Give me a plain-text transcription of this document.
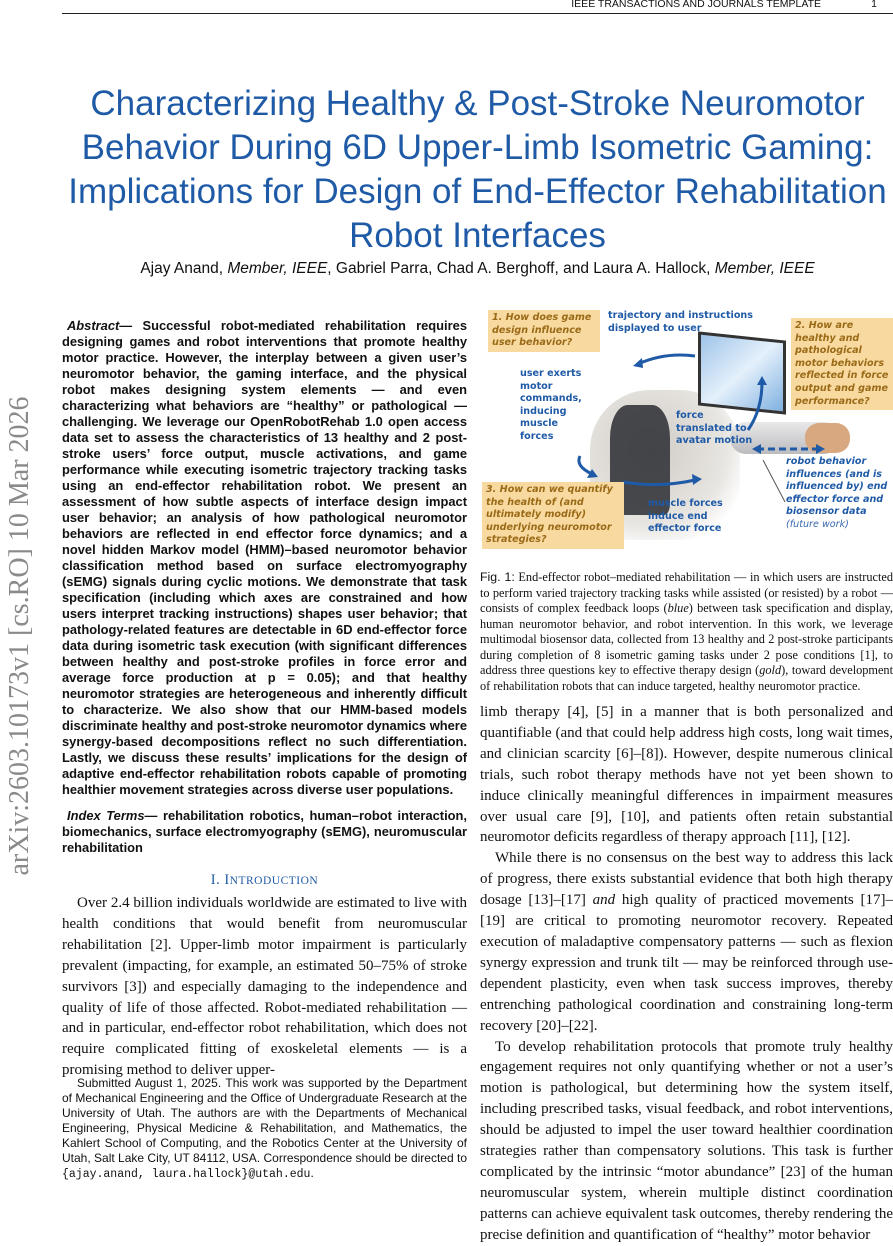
IEEE TRANSACTIONS AND JOURNALS TEMPLATE	1
arXiv:2603.10173v1 [cs.RO] 10 Mar 2026
Characterizing Healthy & Post-Stroke Neuromotor Behavior During 6D Upper-Limb Isometric Gaming: Implications for Design of End-Effector Rehabilitation Robot Interfaces
Ajay Anand, Member, IEEE, Gabriel Parra, Chad A. Berghoff, and Laura A. Hallock, Member, IEEE

Abstract— Successful robot-mediated rehabilitation requires designing games and robot interventions that promote healthy motor practice. However, the interplay between a given user’s neuromotor behavior, the gaming interface, and the physical robot makes designing system elements — and even characterizing what behaviors are “healthy” or pathological — challenging. We leverage our OpenRobotRehab 1.0 open access data set to assess the characteristics of 13 healthy and 2 post-stroke users’ force output, muscle activations, and game performance while executing isometric trajectory tracking tasks using an end-effector rehabilitation robot. We present an assessment of how subtle aspects of interface design impact user behavior; an analysis of how pathological neuromotor behaviors are reflected in end effector force dynamics; and a novel hidden Markov model (HMM)–based neuromotor behavior classification method based on surface electromyography (sEMG) signals during cyclic motions. We demonstrate that task specification (including which axes are constrained and how users interpret tracking instructions) shapes user behavior; that pathology-related features are detectable in 6D end-effector force data during isometric task execution (with significant differences between healthy and post-stroke profiles in force error and average force production at p = 0.05); and that healthy neuromotor strategies are heterogeneous and inherently difficult to characterize. We also show that our HMM-based models discriminate healthy and post-stroke neuromotor dynamics where synergy-based decompositions reflect no such differentiation. Lastly, we discuss these results’ implications for the design of adaptive end-effector rehabilitation robots capable of promoting healthier movement strategies across diverse user populations.

Index Terms— rehabilitation robotics, human–robot interaction, biomechanics, surface electromyography (sEMG), neuromuscular rehabilitation

I. INTRODUCTION

Over 2.4 billion individuals worldwide are estimated to live with health conditions that would benefit from neuromuscular rehabilitation [2]. Upper-limb motor impairment is particularly prevalent (impacting, for example, an estimated 50–75% of stroke survivors [3]) and especially damaging to the independence and quality of life of those affected. Robot-mediated rehabilitation — and in particular, end-effector robot rehabilitation, which does not require complicated fitting of exoskeletal elements — is a promising method to deliver upper-

Submitted August 1, 2025. This work was supported by the Department of Mechanical Engineering and the Office of Undergraduate Research at the University of Utah. The authors are with the Departments of Mechanical Engineering, Physical Medicine & Rehabilitation, and Mathematics, the Kahlert School of Computing, and the Robotics Center at the University of Utah, Salt Lake City, UT 84112, USA. Correspondence should be directed to {ajay.anand, laura.hallock}@utah.edu.
1. How does game design influence user behavior?
2. How are healthy and pathological motor behaviors reflected in force output and game performance?
3. How can we quantify the health of (and ultimately modify) underlying neuromotor strategies?
trajectory and instructions displayed to user
user exerts motor commands, inducing muscle forces
force translated to avatar motion
muscle forces induce end effector force
robot behavior influences (and is influenced by) end effector force and biosensor data
(future work)

Fig. 1: End-effector robot–mediated rehabilitation — in which users are instructed to perform varied trajectory tracking tasks while assisted (or resisted) by a robot — consists of complex feedback loops (blue) between task specification and display, human neuromotor behavior, and robot intervention. In this work, we leverage multimodal biosensor data, collected from 13 healthy and 2 post-stroke participants during completion of 8 isometric gaming tasks under 2 pose conditions [1], to address three questions key to effective therapy design (gold), toward development of rehabilitation robots that can induce targeted, healthy neuromotor practice.

limb therapy [4], [5] in a manner that is both personalized and quantifiable (and that could help address high costs, long wait times, and clinician scarcity [6]–[8]). However, despite numerous clinical trials, such robot therapy methods have not yet been shown to induce clinically meaningful differences in impairment measures over usual care [9], [10], and patients often retain substantial neuromotor deficits regardless of therapy approach [11], [12].

While there is no consensus on the best way to address this lack of progress, there exists substantial evidence that both high therapy dosage [13]–[17] and high quality of practiced movements [17]–[19] are critical to promoting neuromotor recovery. Repeated execution of maladaptive compensatory patterns — such as flexion synergy expression and trunk tilt — may be reinforced through use-dependent plasticity, even when task success improves, thereby entrenching pathological coordination and constraining long-term recovery [20]–[22].

To develop rehabilitation protocols that promote truly healthy engagement requires not only quantifying whether or not a user’s motion is pathological, but determining how the system itself, including prescribed tasks, visual feedback, and robot interventions, should be adjusted to impel the user toward healthier coordination strategies rather than compensatory solutions. This task is further complicated by the intrinsic “motor abundance” [23] of the human neuromuscular system, wherein multiple distinct coordination patterns can achieve equivalent task outcomes, thereby rendering the precise definition and quantification of “healthy” motor behavior
